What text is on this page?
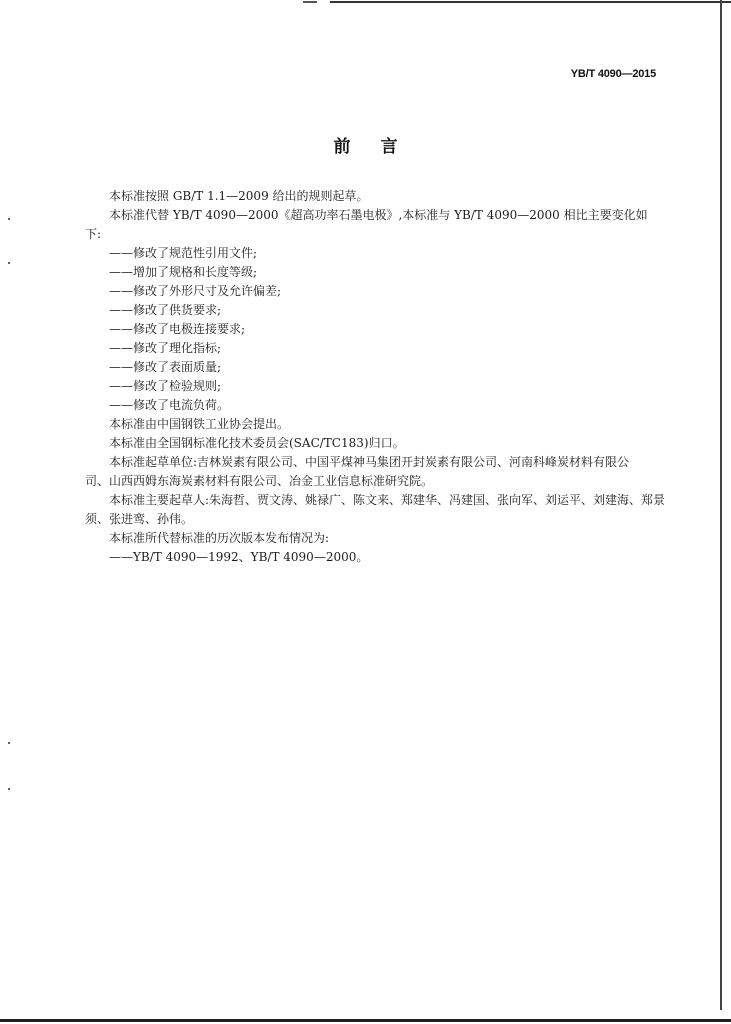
YB/T 4090—2015
前言

本标准按照 GB/T 1.1—2009 给出的规则起草。

本标准代替 YB/T 4090—2000《超高功率石墨电极》,本标准与 YB/T 4090—2000 相比主要变化如

下:

——修改了规范性引用文件;

——增加了规格和长度等级;

——修改了外形尺寸及允许偏差;

——修改了供货要求;

——修改了电极连接要求;

——修改了理化指标;

——修改了表面质量;

——修改了检验规则;

——修改了电流负荷。

本标准由中国钢铁工业协会提出。

本标准由全国钢标准化技术委员会(SAC/TC183)归口。

本标准起草单位:吉林炭素有限公司、中国平煤神马集团开封炭素有限公司、河南科峰炭材料有限公

司、山西西姆东海炭素材料有限公司、冶金工业信息标准研究院。

本标准主要起草人:朱海哲、贾文涛、姚禄广、陈文来、郑建华、冯建国、张向军、刘运平、刘建海、郑景

须、张进鸾、孙伟。

本标准所代替标准的历次版本发布情况为:

——YB/T 4090—1992、YB/T 4090—2000。
